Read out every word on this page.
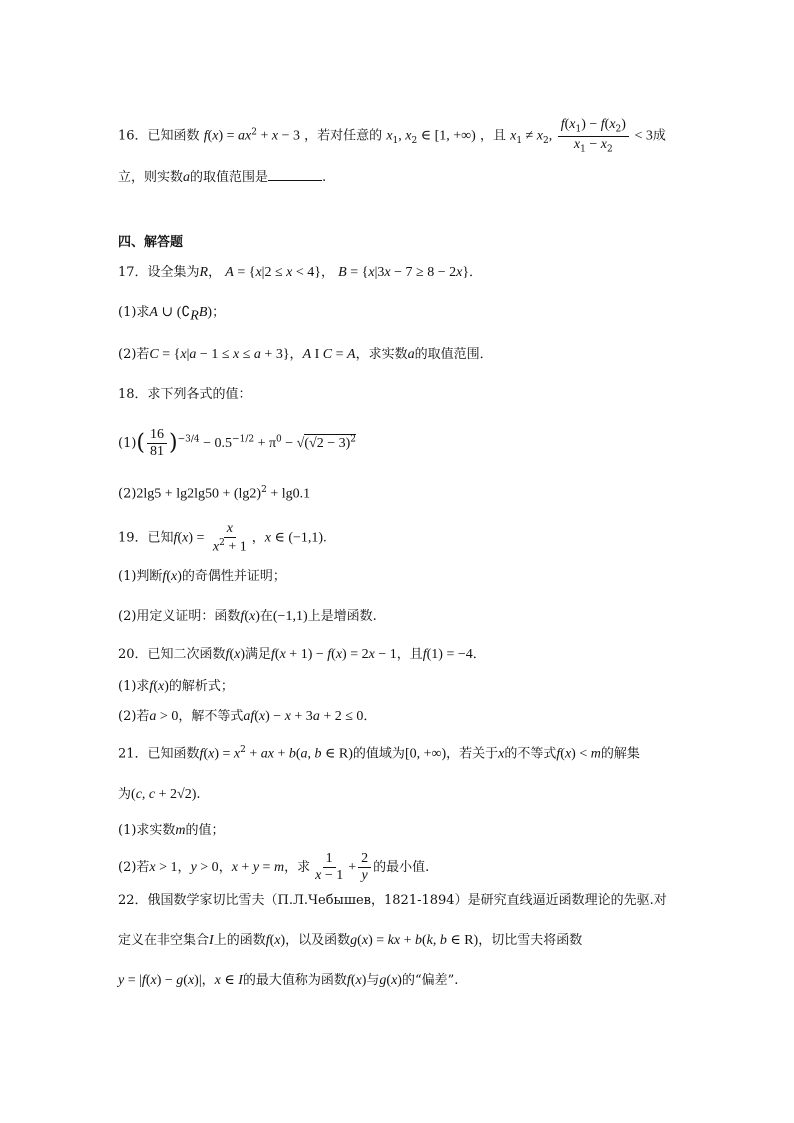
16．已知函数 $f(x) = ax^2 + x - 3$ ，若对任意的 $x_1$, $x_2$ ∈ [1, +∞) ，且 $x_1 \ne x_2$, $\frac{f(x_1) - f(x_2)}{x_1 - x_2} < 3$成
立，则实数a的取值范围是	.
四、解答题
17．设全集为R， A = {x|2 ≤ x < 4}， B = {x|3x − 7 ≥ 8 − 2x}．
(1)求A ∪ $(∁_RB)$；
(2)若C = {x|a − 1 ≤ x ≤ a + 3}，A I C = A，求实数a的取值范围．
18．求下列各式的值：
$(1)( \frac{16}{81} )^{-3/4} - 0.5^{-1/2} + \pi^0 - √(√2 - 3)^2$
$(2)2\lg 5 + \lg 2\lg 50 + (\lg 2)^2 + \lg 0.1$
19．已知$f(x) = \frac{x}{x^2 + 1}$ ，x ∈ (−1,1).
(1)判断f(x)的奇偶性并证明；
(2)用定义证明：函数f(x)在(−1,1)上是增函数.
20．已知二次函数f(x)满足f(x + 1) − f(x) = 2x − 1，且f(1) = −4．
(1)求f(x)的解析式；
(2)若a > 0，解不等式af(x) − x + 3a + 2 ≤ 0．
21．已知函数$f(x) = x^2$ + ax + b(a, b ∈ R)的值域为[0, +∞)，若关于x的不等式f(x) < m的解集
为(c, c + 2√2).
(1)求实数m的值；
(2)若x > 1，y > 0，x + y = m，求 $\frac{1}{x - 1} + \frac{2}{y}$ 的最小值.
22．俄国数学家切比雪夫（П.Л.Чебышев，1821-1894）是研究直线逼近函数理论的先驱.对
定义在非空集合I上的函数f(x)，以及函数g(x) = kx + b(k, b ∈ R)，切比雪夫将函数
y = |f(x) − g(x)|，x ∈ I的最大值称为函数f(x)与g(x)的“偏差”.
